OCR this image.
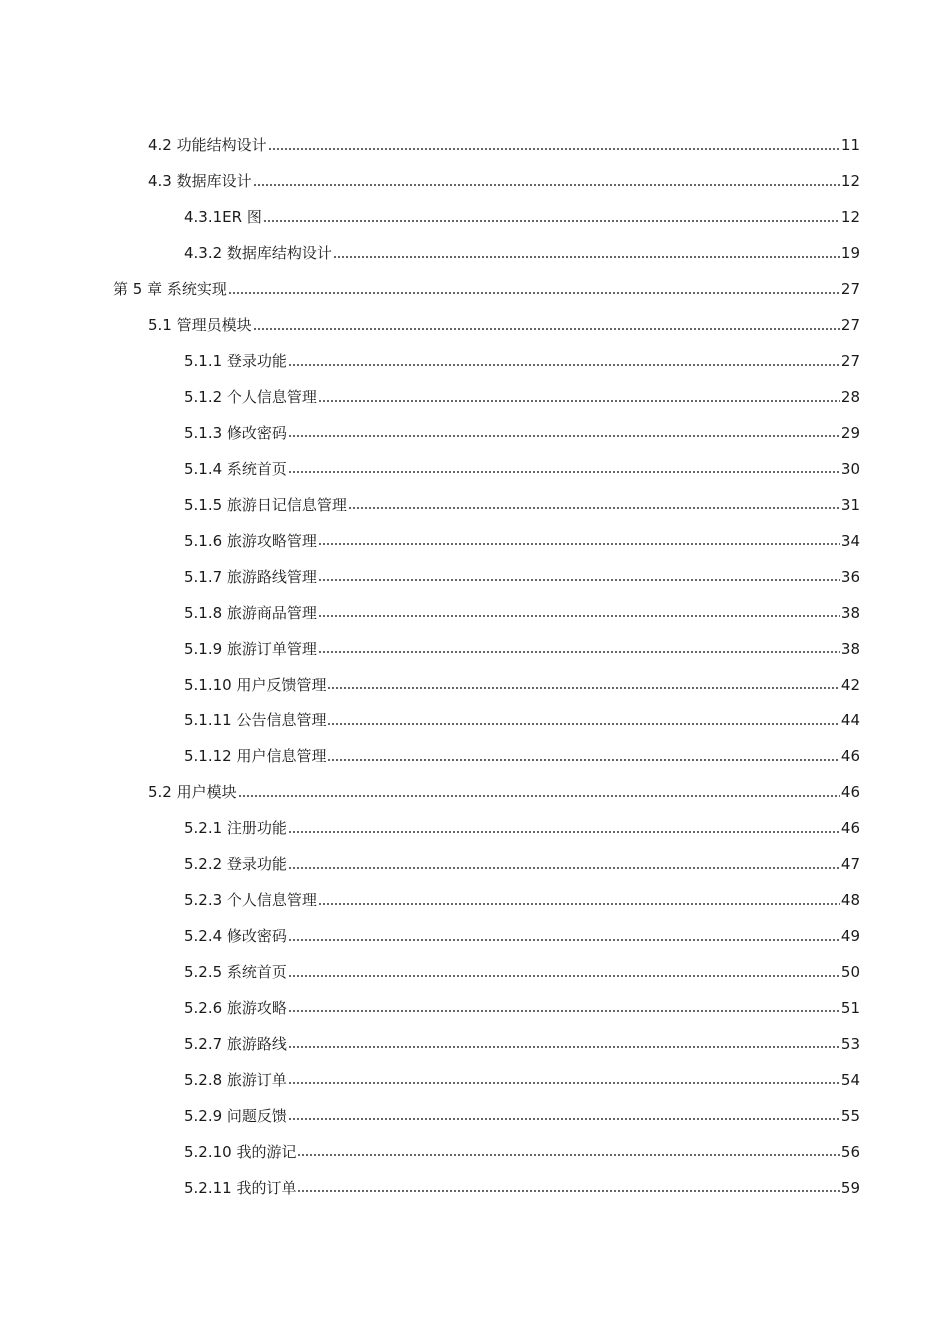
4.2 功能结构设计	11
4.3 数据库设计	12
4.3.1ER 图	12
4.3.2 数据库结构设计	19
第 5 章 系统实现	27
5.1 管理员模块	27
5.1.1 登录功能	27
5.1.2 个人信息管理	28
5.1.3 修改密码	29
5.1.4 系统首页	30
5.1.5 旅游日记信息管理	31
5.1.6 旅游攻略管理	34
5.1.7 旅游路线管理	36
5.1.8 旅游商品管理	38
5.1.9 旅游订单管理	38
5.1.10 用户反馈管理	42
5.1.11 公告信息管理	44
5.1.12 用户信息管理	46
5.2 用户模块	46
5.2.1 注册功能	46
5.2.2 登录功能	47
5.2.3 个人信息管理	48
5.2.4 修改密码	49
5.2.5 系统首页	50
5.2.6 旅游攻略	51
5.2.7 旅游路线	53
5.2.8 旅游订单	54
5.2.9 问题反馈	55
5.2.10 我的游记	56
5.2.11 我的订单	59
